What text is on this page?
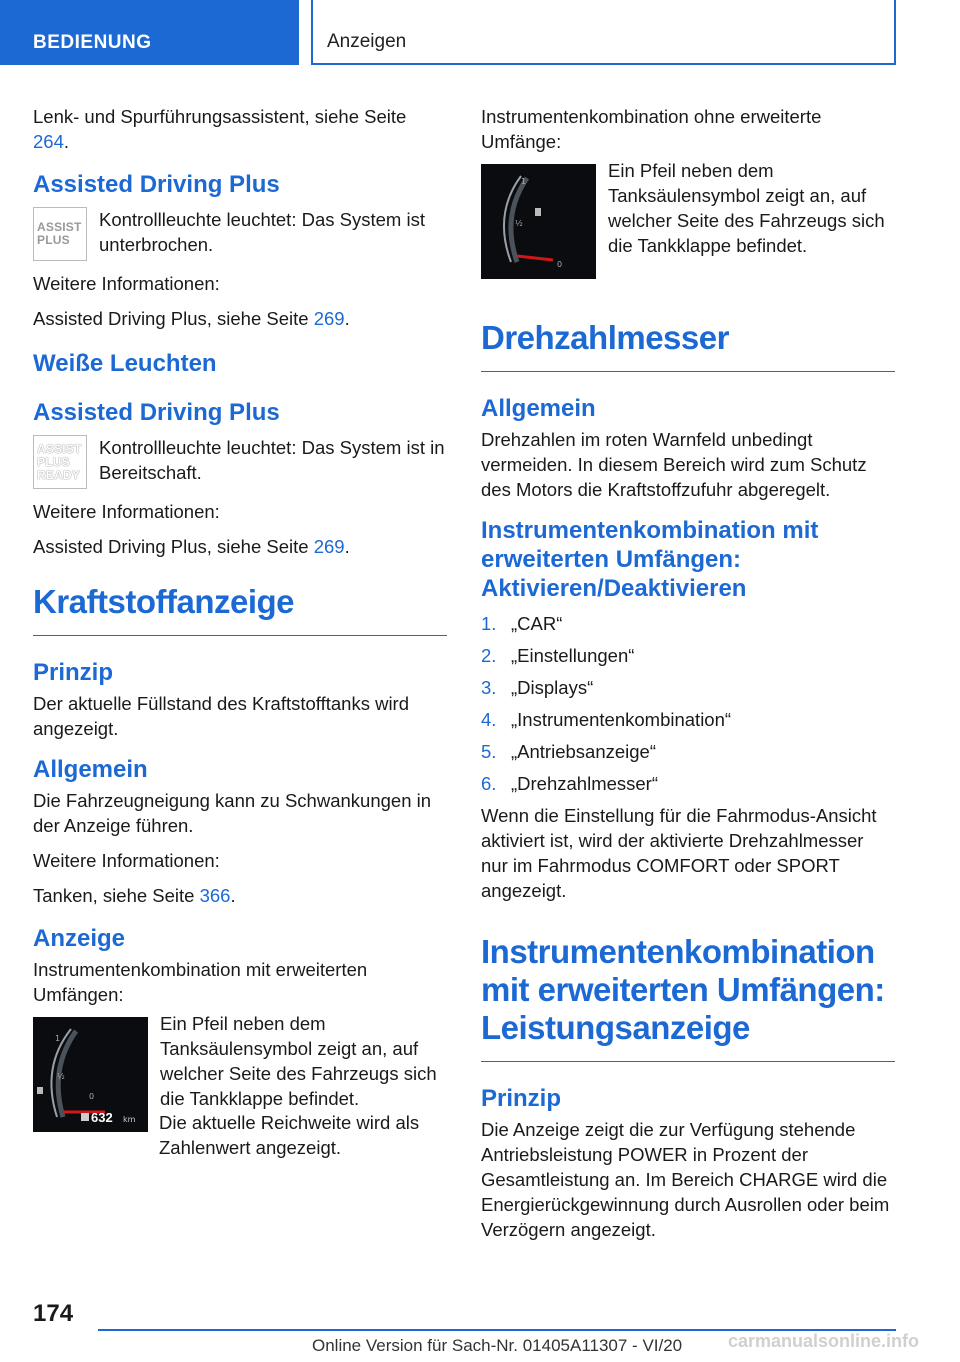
BEDIENUNG	Anzeigen

Lenk- und Spurführungsassistent, siehe Seite 264.

Assisted Driving Plus
ASSIST
PLUS

Kontrollleuchte leuchtet: Das System ist unterbrochen.

Weitere Informationen:

Assisted Driving Plus, siehe Seite 269.

Weiße Leuchten
Assisted Driving Plus
ASSIST
PLUS
READY

Kontrollleuchte leuchtet: Das System ist in Bereitschaft.

Weitere Informationen:

Assisted Driving Plus, siehe Seite 269.

Kraftstoffanzeige
Prinzip

Der aktuelle Füllstand des Kraftstofftanks wird angezeigt.

Allgemein

Die Fahrzeugneigung kann zu Schwankungen in der Anzeige führen.

Weitere Informationen:

Tanken, siehe Seite 366.

Anzeige

Instrumentenkombination mit erweiterten Umfängen:

1
½
0
632 km

Ein Pfeil neben dem Tanksäulensymbol zeigt an, auf welcher Seite des Fahrzeugs sich die Tankklappe befindet.

Die aktuelle Reichweite wird als Zahlenwert angezeigt.

Instrumentenkombination ohne erweiterte Umfänge:

1
½
0

Ein Pfeil neben dem Tanksäulensymbol zeigt an, auf welcher Seite des Fahrzeugs sich die Tankklappe befindet.

Drehzahlmesser
Allgemein

Drehzahlen im roten Warnfeld unbedingt vermeiden. In diesem Bereich wird zum Schutz des Motors die Kraftstoffzufuhr abgeregelt.

Instrumentenkombination mit erweiterten Umfängen: Aktivieren/Deaktivieren
1. „CAR“
2. „Einstellungen“
3. „Displays“
4. „Instrumentenkombination“
5. „Antriebsanzeige“
6. „Drehzahlmesser“

Wenn die Einstellung für die Fahrmodus-Ansicht aktiviert ist, wird der aktivierte Drehzahlmesser nur im Fahrmodus COMFORT oder SPORT angezeigt.

Instrumentenkombination mit erweiterten Umfängen: Leistungsanzeige
Prinzip

Die Anzeige zeigt die zur Verfügung stehende Antriebsleistung POWER in Prozent der Gesamtleistung an. Im Bereich CHARGE wird die Energierückgewinnung durch Ausrollen oder beim Verzögern angezeigt.

174
Online Version für Sach-Nr. 01405A11307 - VI/20	carmanualsonline.info
